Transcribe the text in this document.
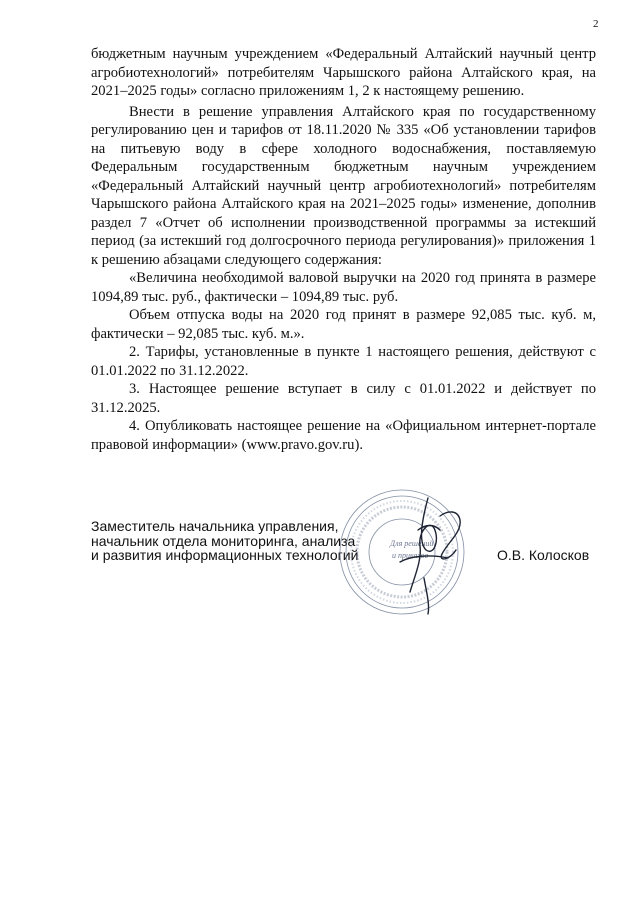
2

бюджетным научным учреждением «Федеральный Алтайский научный центр агробиотехнологий» потребителям Чарышского района Алтайского края, на 2021–2025 годы» согласно приложениям 1, 2 к настоящему решению.

Внести в решение управления Алтайского края по государственному регулированию цен и тарифов от 18.11.2020 № 335 «Об установлении тарифов на питьевую воду в сфере холодного водоснабжения, поставляемую Федеральным государственным бюджетным научным учреждением «Федеральный Алтайский научный центр агробиотехнологий» потребителям Чарышского района Алтайского края на 2021–2025 годы» изменение, дополнив раздел 7 «Отчет об исполнении производственной программы за истекший период (за истекший год долгосрочного периода регулирования)» приложения 1 к решению абзацами следующего содержания:

«Величина необходимой валовой выручки на 2020 год принята в размере 1094,89 тыс. руб., фактически – 1094,89 тыс. руб.

Объем отпуска воды на 2020 год принят в размере 92,085 тыс. куб. м, фактически – 92,085 тыс. куб. м.».

2. Тарифы, установленные в пункте 1 настоящего решения, действуют с 01.01.2022 по 31.12.2022.

3. Настоящее решение вступает в силу с 01.01.2022 и действует по 31.12.2025.

4. Опубликовать настоящее решение на «Официальном интернет-портале правовой информации» (www.pravo.gov.ru).

Заместитель начальника управления,
начальник отдела мониторинга, анализа
и развития информационных технологий
Для решений
и приказов	О.В. Колосков
